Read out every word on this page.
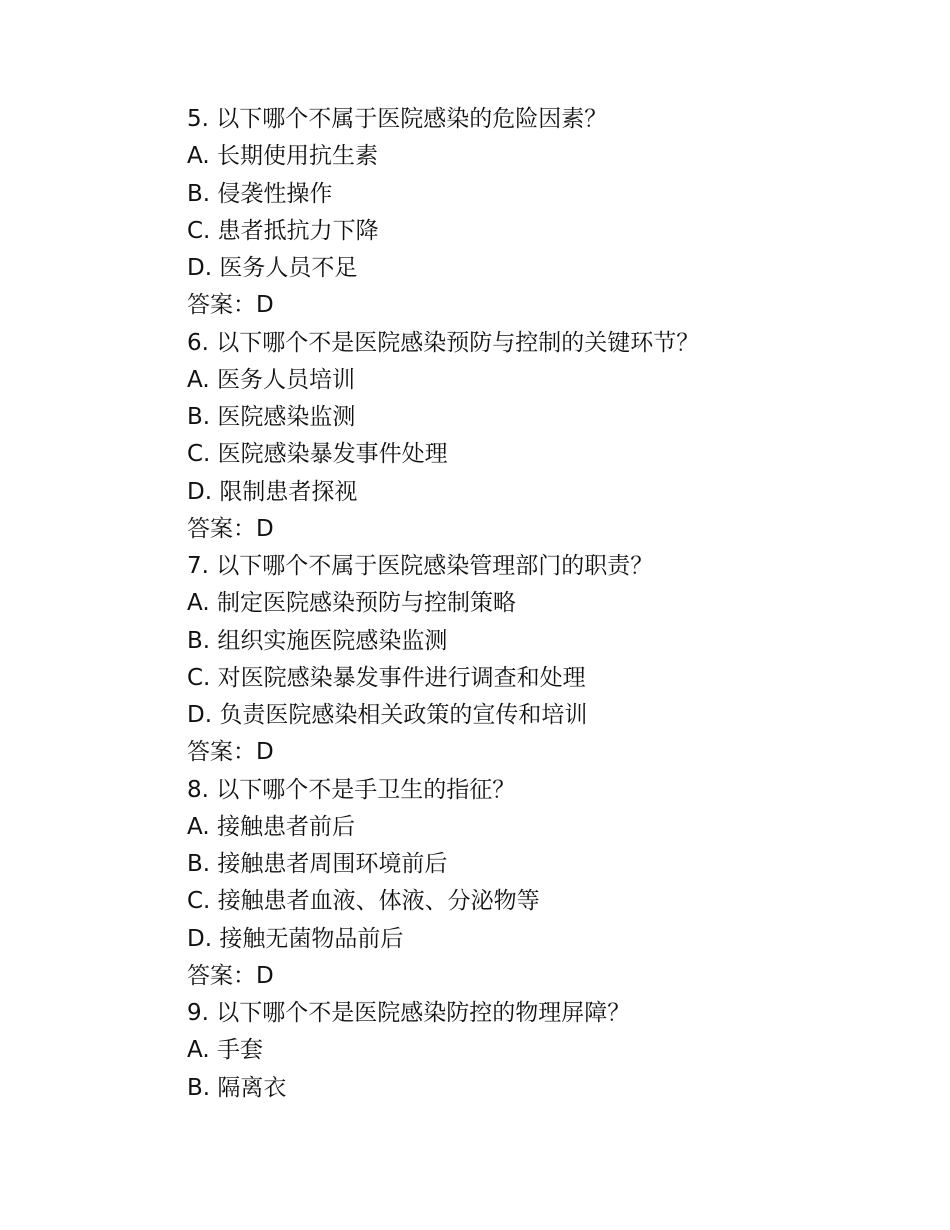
5. 以下哪个不属于医院感染的危险因素？
A. 长期使用抗生素
B. 侵袭性操作
C. 患者抵抗力下降
D. 医务人员不足
答案：D
6. 以下哪个不是医院感染预防与控制的关键环节？
A. 医务人员培训
B. 医院感染监测
C. 医院感染暴发事件处理
D. 限制患者探视
答案：D
7. 以下哪个不属于医院感染管理部门的职责？
A. 制定医院感染预防与控制策略
B. 组织实施医院感染监测
C. 对医院感染暴发事件进行调查和处理
D. 负责医院感染相关政策的宣传和培训
答案：D
8. 以下哪个不是手卫生的指征？
A. 接触患者前后
B. 接触患者周围环境前后
C. 接触患者血液、体液、分泌物等
D. 接触无菌物品前后
答案：D
9. 以下哪个不是医院感染防控的物理屏障？
A. 手套
B. 隔离衣
